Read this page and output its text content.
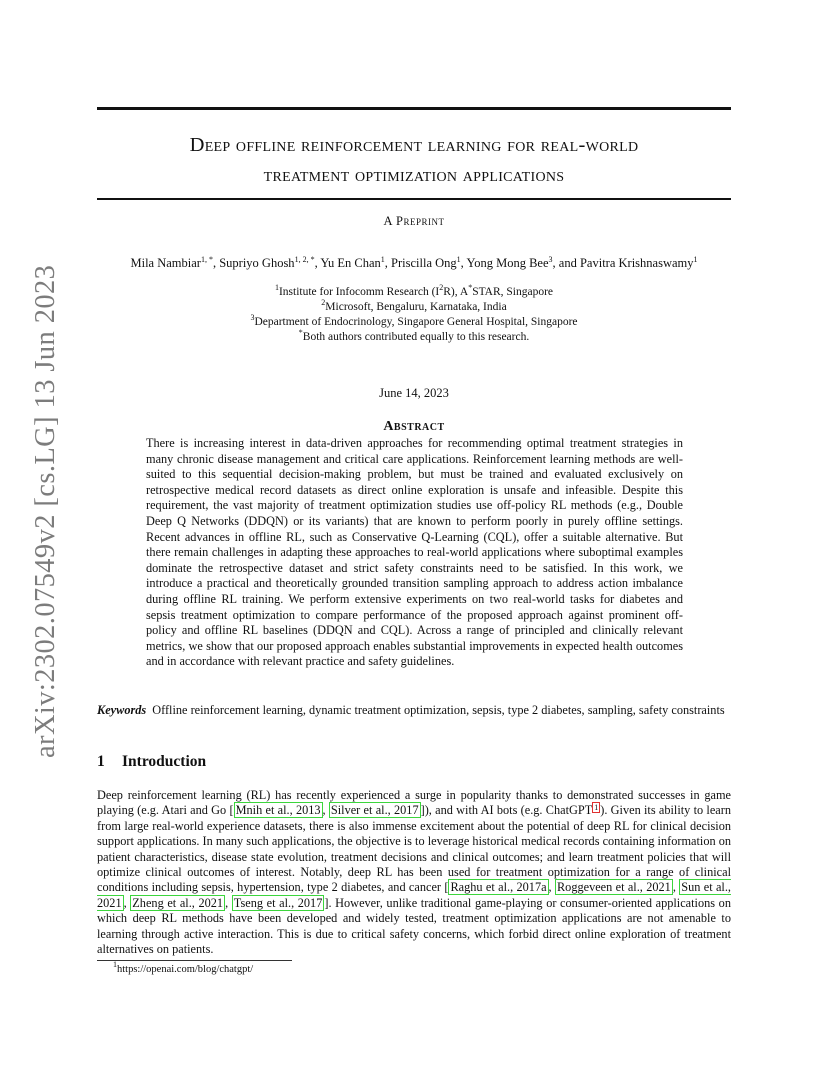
arXiv:2302.07549v2 [cs.LG] 13 Jun 2023
Deep offline reinforcement learning for real-world
treatment optimization applications
A Preprint
Mila Nambiar$^{1, *}$, Supriyo Ghosh$^{1, 2, *}$, Yu En Chan$^1$, Priscilla Ong$^1$, Yong Mong Bee$^3$, and Pavitra Krishnaswamy$^1$
$^1$Institute for Infocomm Research $(I^2R)$, A*STAR, Singapore
$^2$Microsoft, Bengaluru, Karnataka, India
$^3$Department of Endocrinology, Singapore General Hospital, Singapore
*Both authors contributed equally to this research.
June 14, 2023
Abstract
There is increasing interest in data-driven approaches for recommending optimal treatment strategies in many chronic disease management and critical care applications. Reinforcement learning methods are well-suited to this sequential decision-making problem, but must be trained and evaluated exclusively on retrospective medical record datasets as direct online exploration is unsafe and infeasible. Despite this requirement, the vast majority of treatment optimization studies use off-policy RL methods (e.g., Double Deep Q Networks (DDQN) or its variants) that are known to perform poorly in purely offline settings. Recent advances in offline RL, such as Conservative Q-Learning (CQL), offer a suitable alternative. But there remain challenges in adapting these approaches to real-world applications where suboptimal examples dominate the retrospective dataset and strict safety constraints need to be satisfied. In this work, we introduce a practical and theoretically grounded transition sampling approach to address action imbalance during offline RL training. We perform extensive experiments on two real-world tasks for diabetes and sepsis treatment optimization to compare performance of the proposed approach against prominent off-policy and offline RL baselines (DDQN and CQL). Across a range of principled and clinically relevant metrics, we show that our proposed approach enables substantial improvements in expected health outcomes and in accordance with relevant practice and safety guidelines.
Keywords Offline reinforcement learning, dynamic treatment optimization, sepsis, type 2 diabetes, sampling, safety constraints
1 Introduction
Deep reinforcement learning (RL) has recently experienced a surge in popularity thanks to demonstrated successes in game playing (e.g. Atari and Go [ Mnih et al., 2013 , Silver et al., 2017 ]), and with AI bots (e.g. ChatGPT $^1$ ). Given its ability to learn from large real-world experience datasets, there is also immense excitement about the potential of deep RL for clinical decision support applications. In many such applications, the objective is to leverage historical medical records containing information on patient characteristics, disease state evolution, treatment decisions and clinical outcomes; and learn treatment policies that will optimize clinical outcomes of interest. Notably, deep RL has been used for treatment optimization for a range of clinical conditions including sepsis, hypertension, type 2 diabetes, and cancer [ Raghu et al., 2017a , Roggeveen et al., 2021 , Sun et al., 2021 , Zheng et al., 2021 , Tseng et al., 2017 ]. However, unlike traditional game-playing or consumer-oriented applications on which deep RL methods have been developed and widely tested, treatment optimization applications are not amenable to learning through active interaction. This is due to critical safety concerns, which forbid direct online exploration of treatment alternatives on patients.
$^1$https://openai.com/blog/chatgpt/
